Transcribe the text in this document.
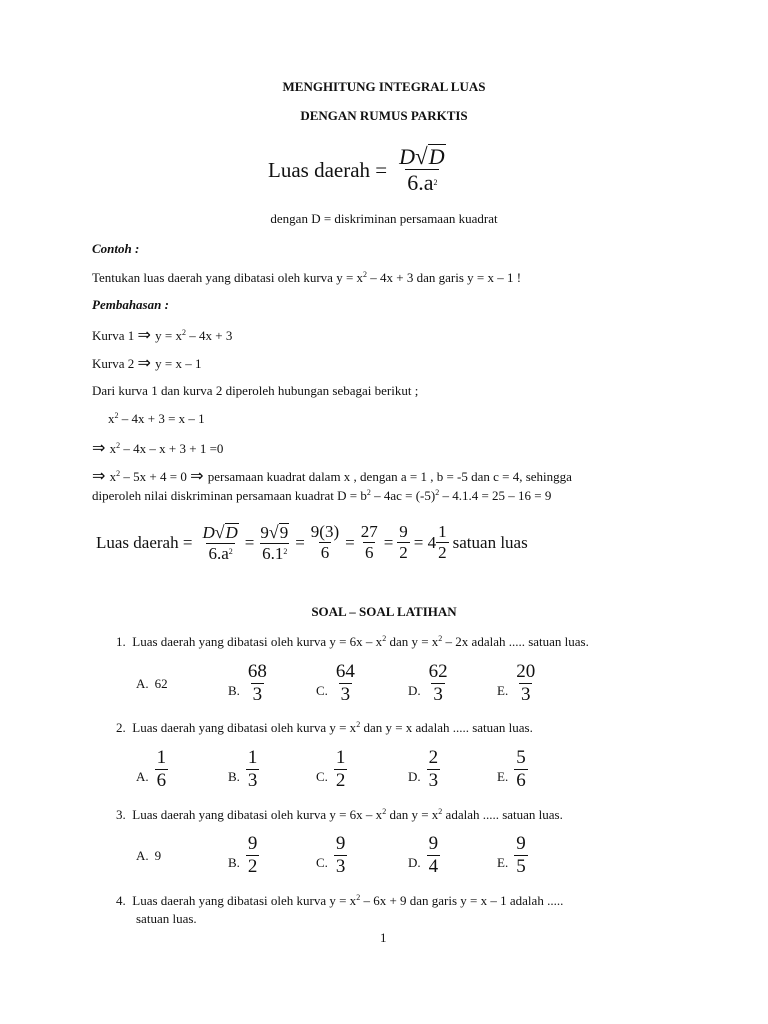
MENGHITUNG INTEGRAL LUAS
DENGAN RUMUS PARKTIS
Luas daerah = $\frac{D √ D}{6.a^2}$
dengan D = diskriminan persamaan kuadrat
Contoh :
Tentukan luas daerah yang dibatasi oleh kurva $y = x^2 - 4x + 3$ dan garis y = x – 1 !
Pembahasan :
Kurva 1 ⇒ $y = x^2 - 4x + 3$
Kurva 2 ⇒ y = x – 1
Dari kurva 1 dan kurva 2 diperoleh hubungan sebagai berikut ;
$x^2 - 4x + 3 = x - 1$
⇒ $x^2 - 4x - x + 3 + 1 =0$
⇒ $x^2 - 5x + 4 = 0$ ⇒ persamaan kuadrat dalam x , dengan a = 1 , b = -5 dan c = 4, sehingga
diperoleh nilai diskriminan persamaan kuadrat $D = b^2 - 4ac = (-5)^2 - 4.1.4 = 25 - 16 = 9$
Luas daerah = $\frac{D √ D}{6.a^2} = \frac{9 √ 9}{6.1^2} = \frac{9(3)}{6} = \frac{27}{6} = \frac{9}{2} = 4 \frac{1}{2}$ satuan luas
SOAL – SOAL LATIHAN
1. Luas daerah yang dibatasi oleh kurva $y = 6x - x^2$ dan $y = x^2 - 2x$ adalah ..... satuan luas.
A. 62	B. $\frac{68}{3}$	C. $\frac{64}{3}$	D. $\frac{62}{3}$	E. $\frac{20}{3}$
2. Luas daerah yang dibatasi oleh kurva $y = x^2$ dan y = x adalah ..... satuan luas.
A. $\frac{1}{6}$	B. $\frac{1}{3}$	C. $\frac{1}{2}$	D. $\frac{2}{3}$	E. $\frac{5}{6}$
3. Luas daerah yang dibatasi oleh kurva $y = 6x - x^2$ dan $y = x^2$ adalah ..... satuan luas.
A. 9	B. $\frac{9}{2}$	C. $\frac{9}{3}$	D. $\frac{9}{4}$	E. $\frac{9}{5}$
4. Luas daerah yang dibatasi oleh kurva $y = x^2 - 6x + 9$ dan garis y = x – 1 adalah .....
satuan luas.
1
